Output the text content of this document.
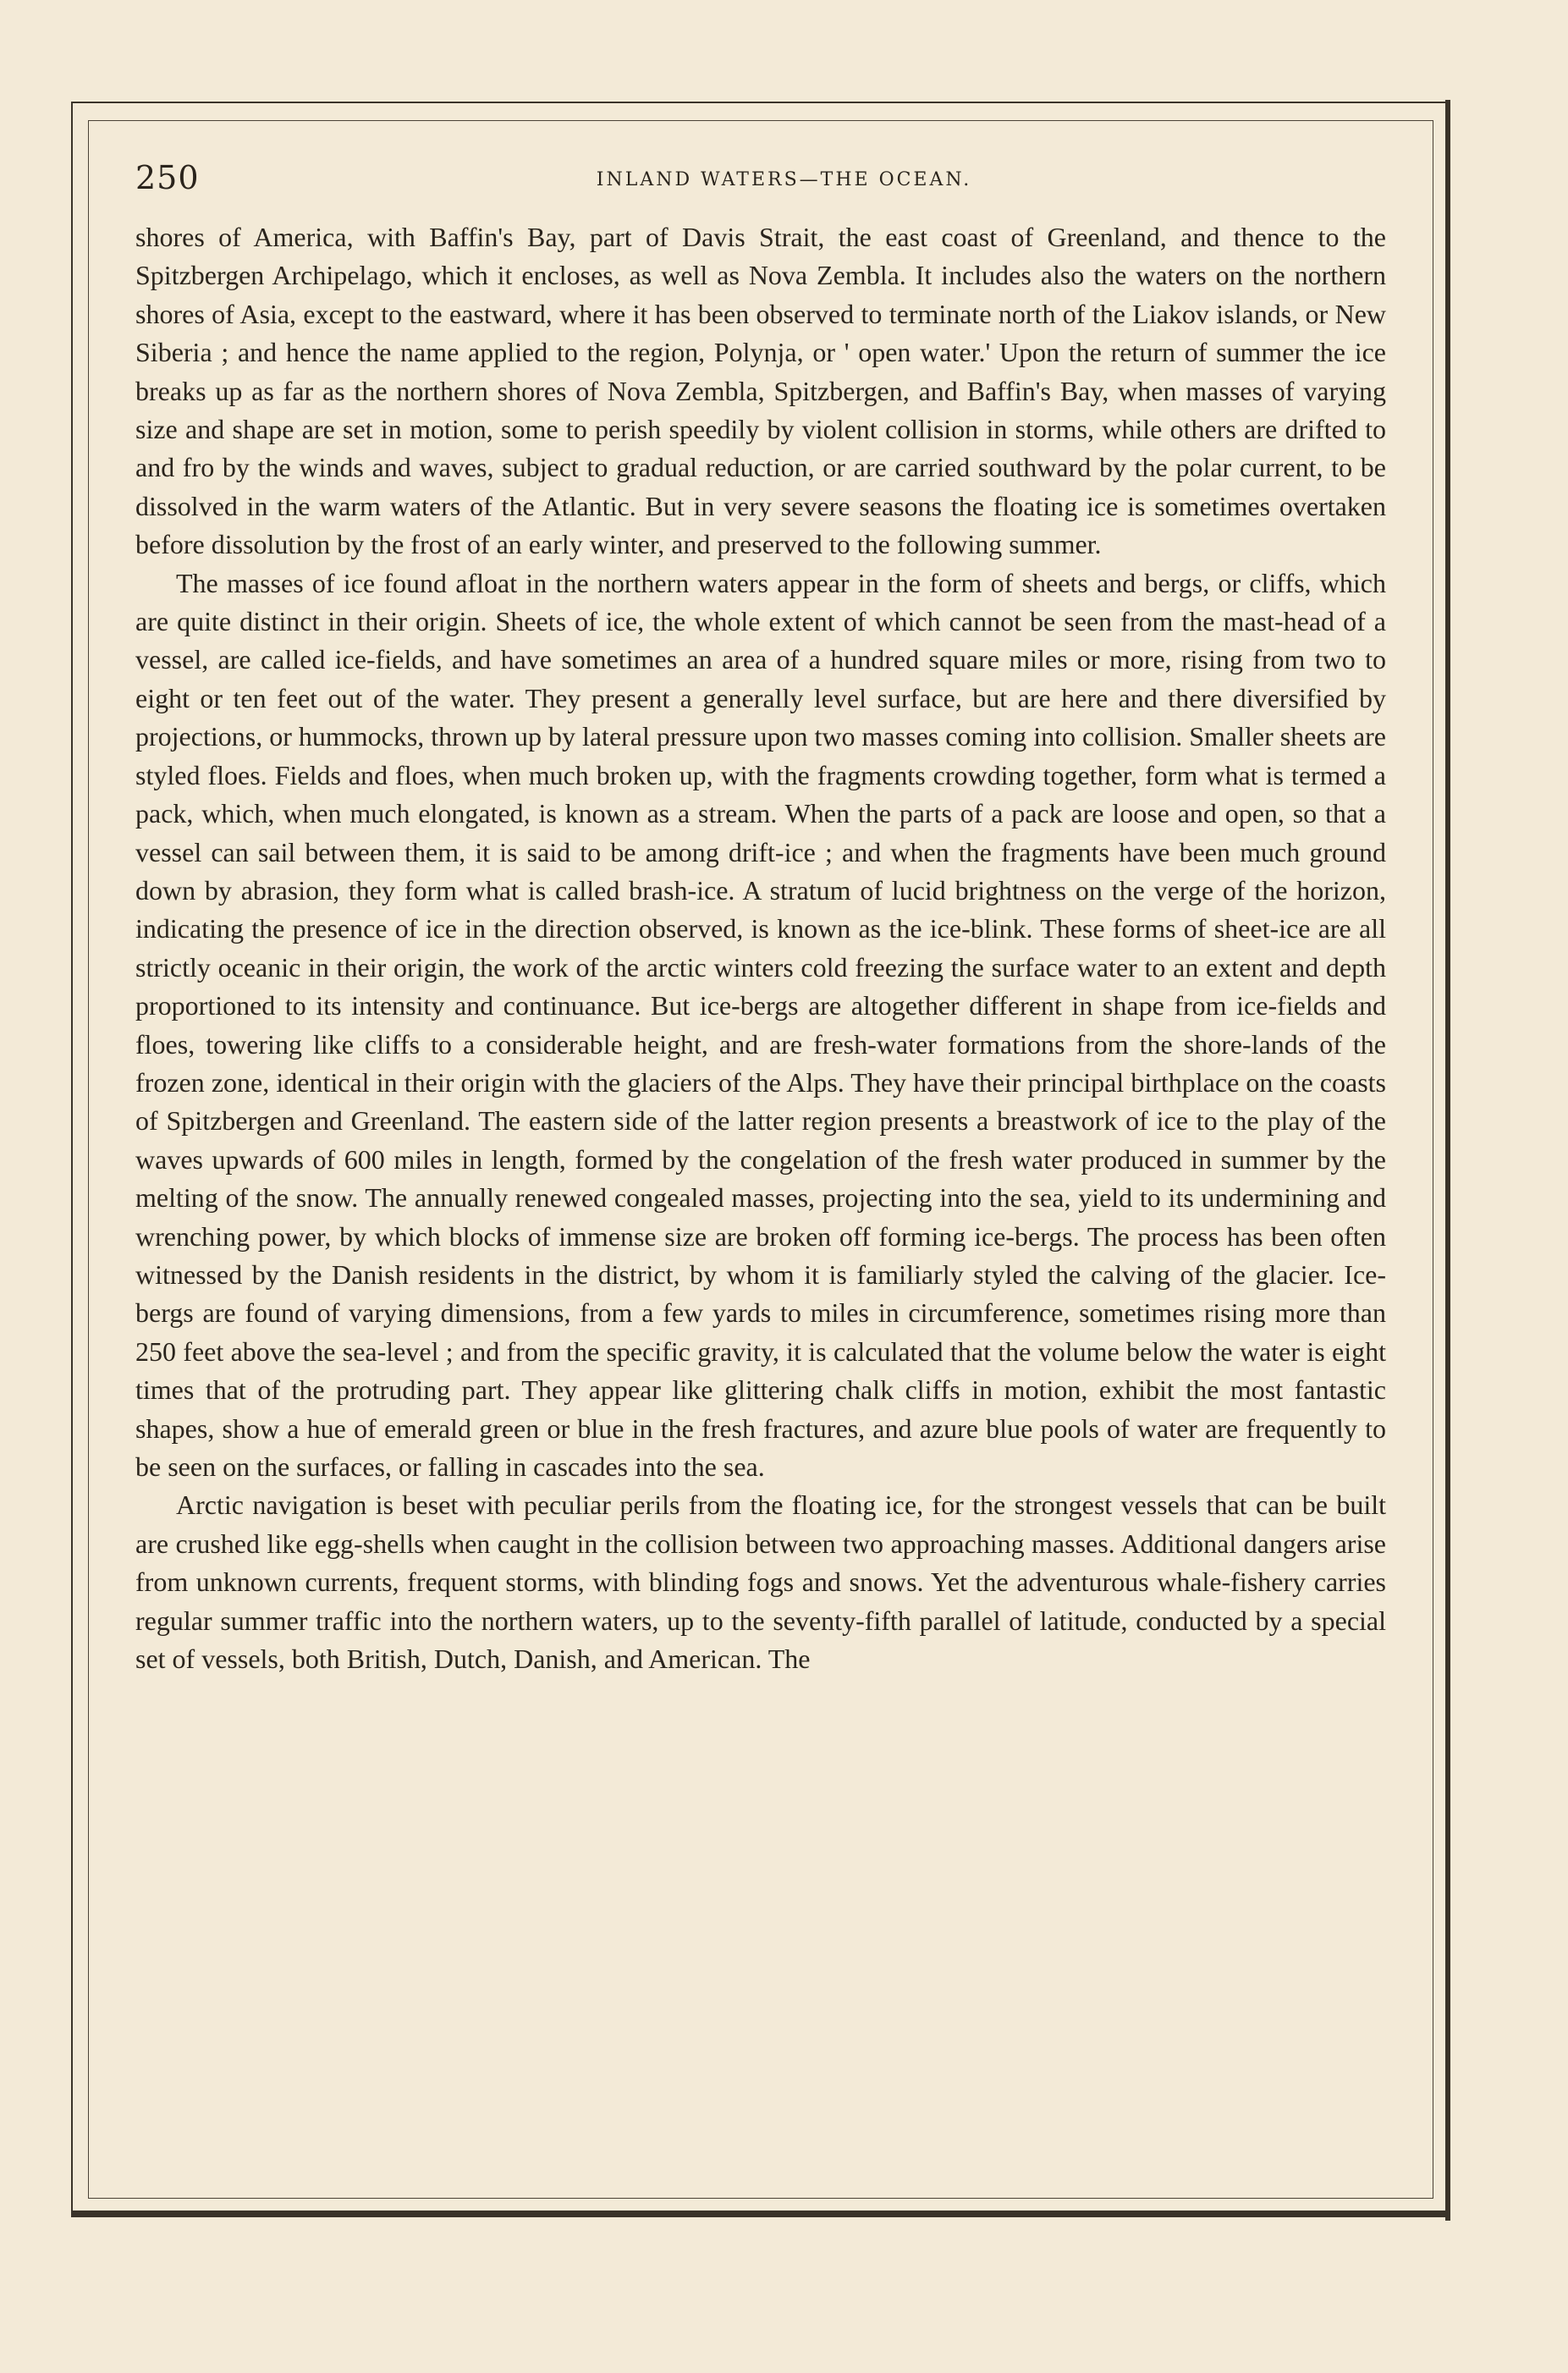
250	INLAND WATERS—THE OCEAN.

shores of America, with Baffin's Bay, part of Davis Strait, the east coast of Greenland, and thence to the Spitzbergen Archipelago, which it encloses, as well as Nova Zembla. It includes also the waters on the northern shores of Asia, except to the eastward, where it has been observed to terminate north of the Liakov islands, or New Siberia ; and hence the name applied to the region, Polynja, or ' open water.' Upon the return of summer the ice breaks up as far as the northern shores of Nova Zembla, Spitzbergen, and Baffin's Bay, when masses of varying size and shape are set in motion, some to perish speedily by violent collision in storms, while others are drifted to and fro by the winds and waves, subject to gradual reduction, or are carried southward by the polar current, to be dissolved in the warm waters of the Atlantic. But in very severe seasons the floating ice is sometimes overtaken before dissolution by the frost of an early winter, and preserved to the following summer.

The masses of ice found afloat in the northern waters appear in the form of sheets and bergs, or cliffs, which are quite distinct in their origin. Sheets of ice, the whole extent of which cannot be seen from the mast-head of a vessel, are called ice-fields, and have sometimes an area of a hundred square miles or more, rising from two to eight or ten feet out of the water. They present a generally level surface, but are here and there diversified by projections, or hummocks, thrown up by lateral pressure upon two masses coming into collision. Smaller sheets are styled floes. Fields and floes, when much broken up, with the fragments crowding together, form what is termed a pack, which, when much elongated, is known as a stream. When the parts of a pack are loose and open, so that a vessel can sail between them, it is said to be among drift-ice ; and when the fragments have been much ground down by abrasion, they form what is called brash-ice. A stratum of lucid brightness on the verge of the horizon, indicating the presence of ice in the direction observed, is known as the ice-blink. These forms of sheet-ice are all strictly oceanic in their origin, the work of the arctic winters cold freezing the surface water to an extent and depth proportioned to its intensity and continuance. But ice-bergs are altogether different in shape from ice-fields and floes, towering like cliffs to a considerable height, and are fresh-water formations from the shore-lands of the frozen zone, identical in their origin with the glaciers of the Alps. They have their principal birthplace on the coasts of Spitzbergen and Greenland. The eastern side of the latter region presents a breastwork of ice to the play of the waves upwards of 600 miles in length, formed by the congelation of the fresh water produced in summer by the melting of the snow. The annually renewed congealed masses, projecting into the sea, yield to its undermining and wrenching power, by which blocks of immense size are broken off forming ice-bergs. The process has been often witnessed by the Danish residents in the district, by whom it is familiarly styled the calving of the glacier. Ice-bergs are found of varying dimensions, from a few yards to miles in circumference, sometimes rising more than 250 feet above the sea-level ; and from the specific gravity, it is calculated that the volume below the water is eight times that of the protruding part. They appear like glittering chalk cliffs in motion, exhibit the most fantastic shapes, show a hue of emerald green or blue in the fresh fractures, and azure blue pools of water are frequently to be seen on the surfaces, or falling in cascades into the sea.

Arctic navigation is beset with peculiar perils from the floating ice, for the strongest vessels that can be built are crushed like egg-shells when caught in the collision between two approaching masses. Additional dangers arise from unknown currents, frequent storms, with blinding fogs and snows. Yet the adventurous whale-fishery carries regular summer traffic into the northern waters, up to the seventy-fifth parallel of latitude, conducted by a special set of vessels, both British, Dutch, Danish, and American. The
